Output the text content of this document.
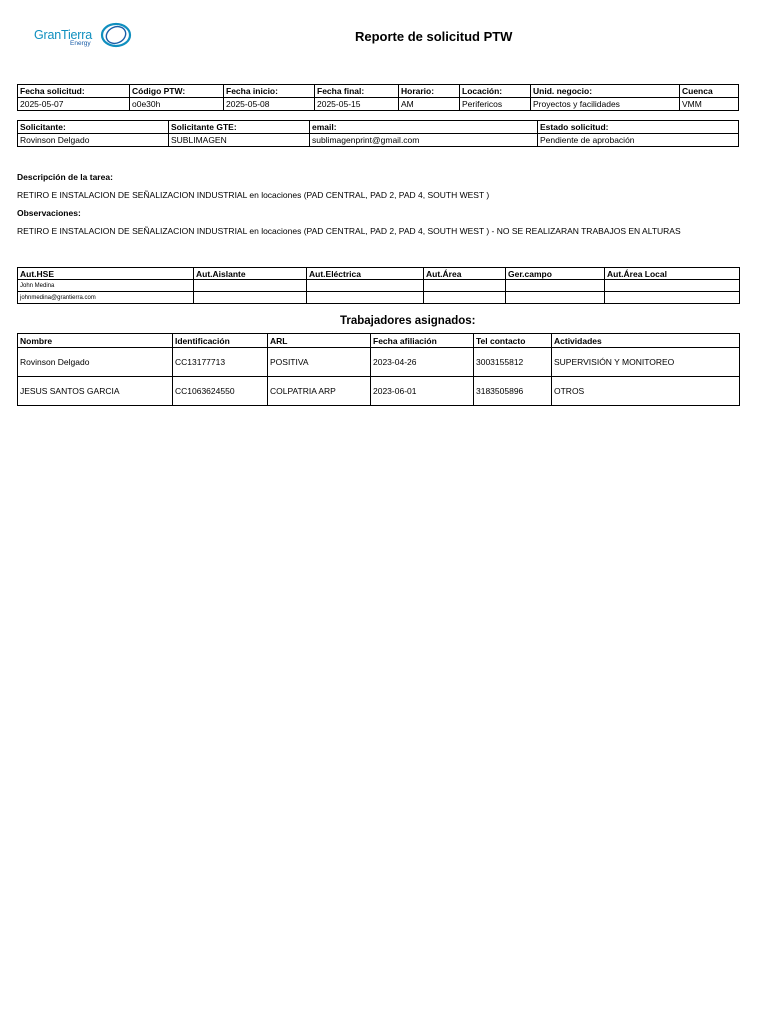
GranTierra
Energy	Reporte de solicitud PTW
Fecha solicitud:	Código PTW:	Fecha inicio:	Fecha final:	Horario:	Locación:	Unid. negocio:	Cuenca
2025-05-07	o0e30h	2025-05-08	2025-05-15	AM	Perifericos	Proyectos y facilidades	VMM
Solicitante:	Solicitante GTE:	email:	Estado solicitud:
Rovinson Delgado	SUBLIMAGEN	sublimagenprint@gmail.com	Pendiente de aprobación
Descripción de la tarea:
RETIRO E INSTALACION DE SEÑALIZACION INDUSTRIAL en locaciones (PAD CENTRAL, PAD 2, PAD 4, SOUTH WEST )
Observaciones:
RETIRO E INSTALACION DE SEÑALIZACION INDUSTRIAL en locaciones (PAD CENTRAL, PAD 2, PAD 4, SOUTH WEST ) - NO SE REALIZARAN TRABAJOS EN ALTURAS
Aut.HSE	Aut.Aislante	Aut.Eléctrica	Aut.Área	Ger.campo	Aut.Área Local
John Medina					
johnmedina@grantierra.com					
Trabajadores asignados:
Nombre	Identificación	ARL	Fecha afiliación	Tel contacto	Actividades
Rovinson Delgado	CC13177713	POSITIVA	2023-04-26	3003155812	SUPERVISIÓN Y MONITOREO
JESUS SANTOS GARCIA	CC1063624550	COLPATRIA ARP	2023-06-01	3183505896	OTROS
